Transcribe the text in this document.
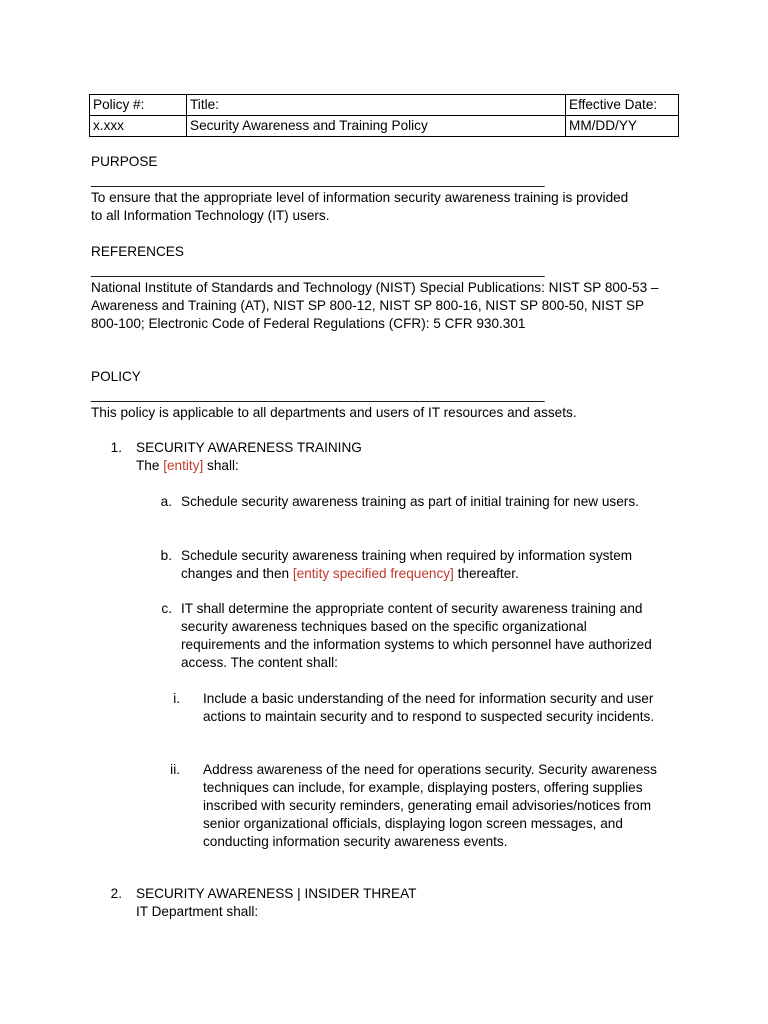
Policy #:	Title:	Effective Date:
x.xxx	Security Awareness and Training Policy	MM/DD/YY
PURPOSE
____________________________________________________________
To ensure that the appropriate level of information security awareness training is provided to all Information Technology (IT) users.
REFERENCES
____________________________________________________________
National Institute of Standards and Technology (NIST) Special Publications: NIST SP 800-53 – Awareness and Training (AT), NIST SP 800-12, NIST SP 800-16, NIST SP 800-50, NIST SP 800-100; Electronic Code of Federal Regulations (CFR): 5 CFR 930.301
POLICY
____________________________________________________________
This policy is applicable to all departments and users of IT resources and assets.
1. SECURITY AWARENESS TRAINING
The [entity] shall:
a. Schedule security awareness training as part of initial training for new users.
b. Schedule security awareness training when required by information system changes and then [entity specified frequency] thereafter.
c. IT shall determine the appropriate content of security awareness training and security awareness techniques based on the specific organizational requirements and the information systems to which personnel have authorized access. The content shall:
i. Include a basic understanding of the need for information security and user actions to maintain security and to respond to suspected security incidents.
ii. Address awareness of the need for operations security. Security awareness techniques can include, for example, displaying posters, offering supplies inscribed with security reminders, generating email advisories/notices from senior organizational officials, displaying logon screen messages, and conducting information security awareness events.
2. SECURITY AWARENESS | INSIDER THREAT
IT Department shall:
